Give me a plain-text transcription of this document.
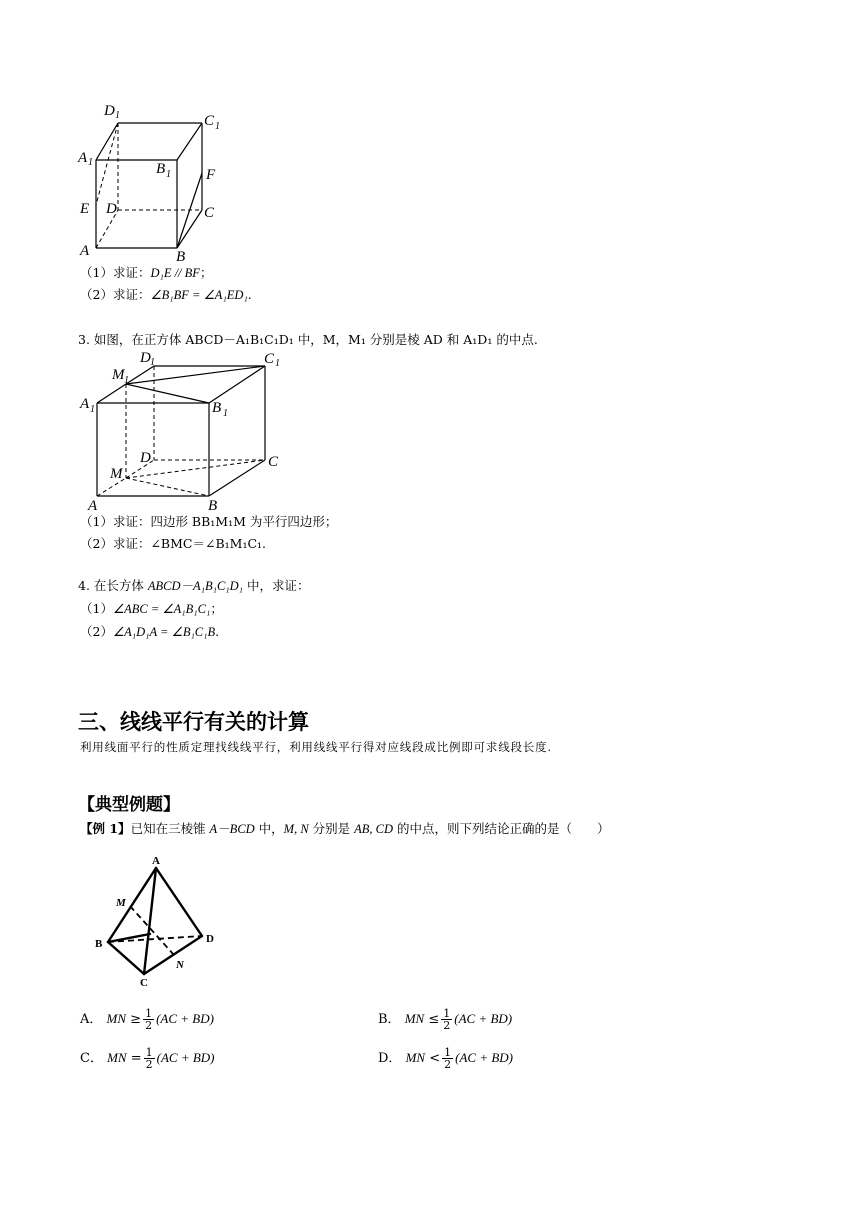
D 1	C 1
A 1	B 1 F
E D	C
A	B
（1）求证：D₁E // BF；
（2）求证：∠B₁BF = ∠A₁ED₁.
3. 如图，在正方体 ABCD－A₁B₁C₁D₁ 中，M，M₁ 分别是棱 AD 和 A₁D₁ 的中点.
D 1	C 1
M 1
A 1	B 1
D	C
M
A	B
（1）求证：四边形 BB₁M₁M 为平行四边形；
（2）求证：∠BMC＝∠B₁M₁C₁.
4. 在长方体 ABCD－A₁B₁C₁D₁ 中，求证：
（1）∠ABC = ∠A₁B₁C₁；
（2）∠A₁D₁A = ∠B₁C₁B.
三、线线平行有关的计算
利用线面平行的性质定理找线线平行，利用线线平行得对应线段成比例即可求线段长度.
【典型例题】
【例 1】已知在三棱锥 A－BCD 中，M, N 分别是 AB, CD 的中点，则下列结论正确的是（　　）
A
M
B	D
N
C
A． MN ≥ $\frac{1}{2} (AC + BD)$	B． MN ≤ $\frac{1}{2} (AC + BD)$
C． MN = $\frac{1}{2} (AC + BD)$	D． MN < $\frac{1}{2} (AC + BD)$
